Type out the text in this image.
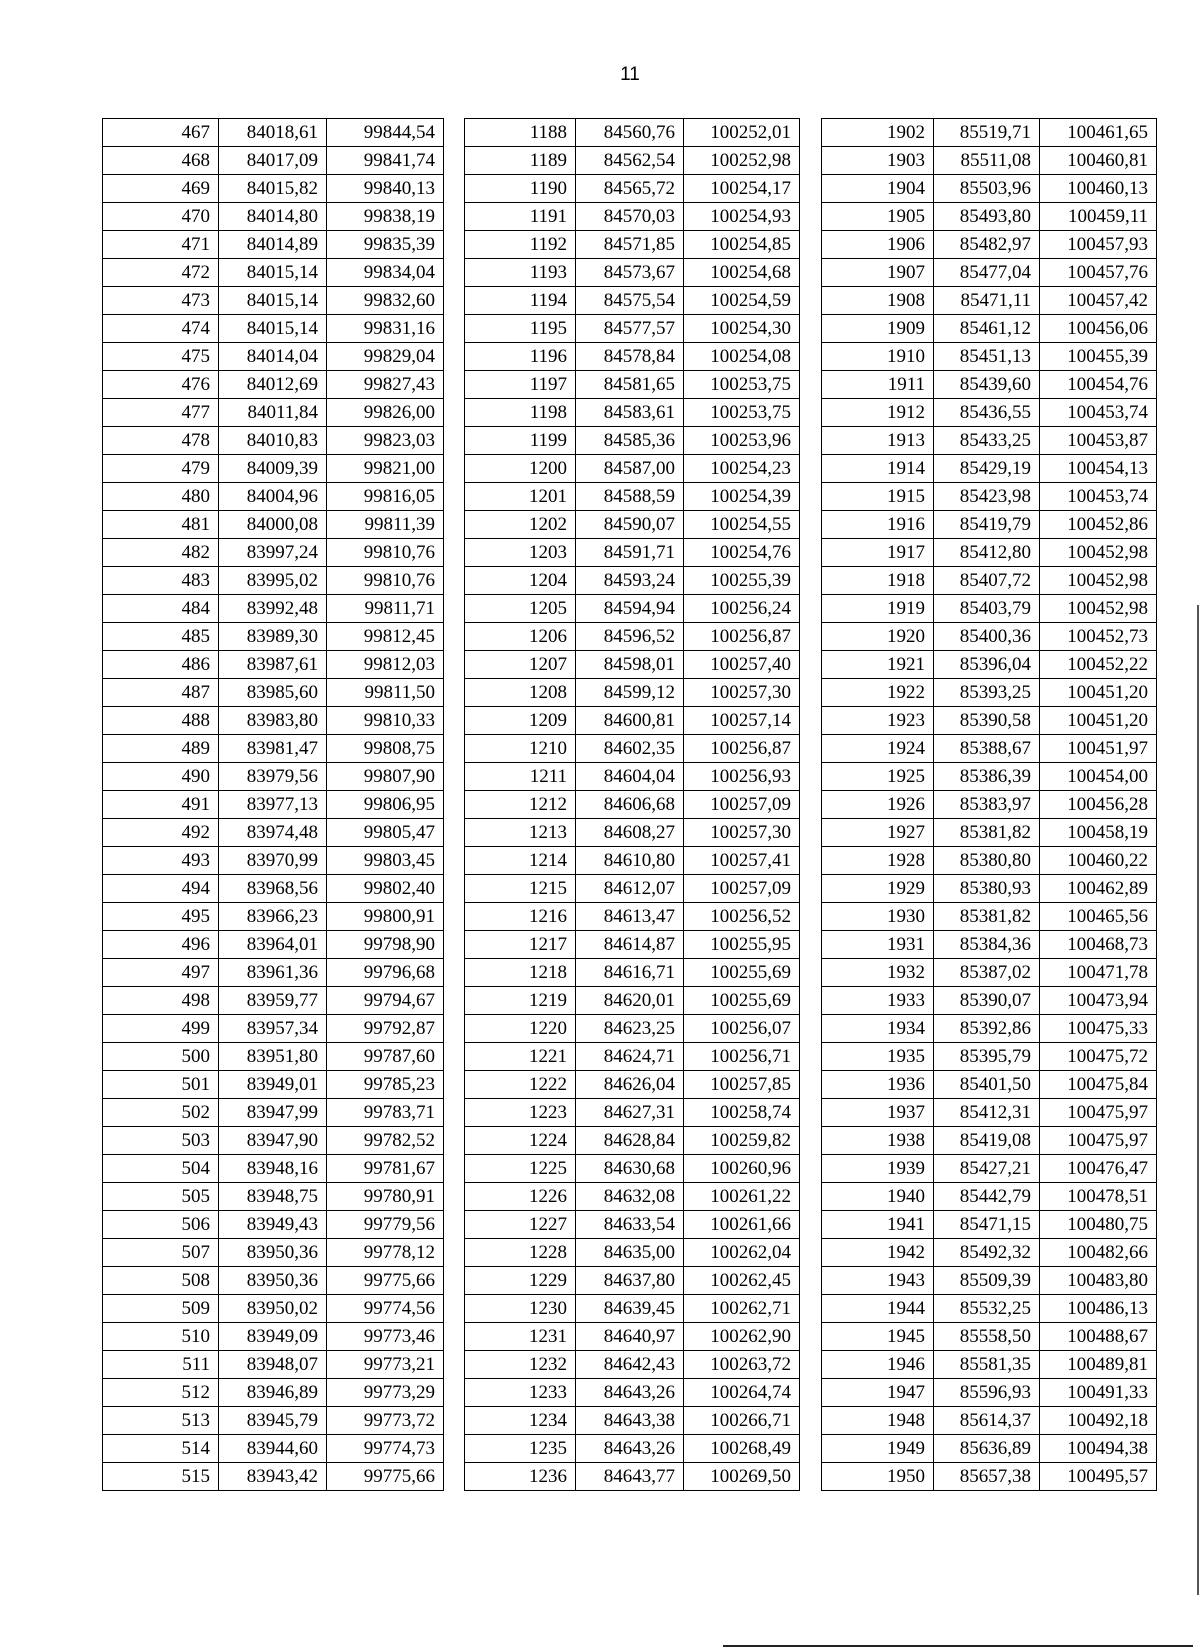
11
467	84018,61	99844,54
468	84017,09	99841,74
469	84015,82	99840,13
470	84014,80	99838,19
471	84014,89	99835,39
472	84015,14	99834,04
473	84015,14	99832,60
474	84015,14	99831,16
475	84014,04	99829,04
476	84012,69	99827,43
477	84011,84	99826,00
478	84010,83	99823,03
479	84009,39	99821,00
480	84004,96	99816,05
481	84000,08	99811,39
482	83997,24	99810,76
483	83995,02	99810,76
484	83992,48	99811,71
485	83989,30	99812,45
486	83987,61	99812,03
487	83985,60	99811,50
488	83983,80	99810,33
489	83981,47	99808,75
490	83979,56	99807,90
491	83977,13	99806,95
492	83974,48	99805,47
493	83970,99	99803,45
494	83968,56	99802,40
495	83966,23	99800,91
496	83964,01	99798,90
497	83961,36	99796,68
498	83959,77	99794,67
499	83957,34	99792,87
500	83951,80	99787,60
501	83949,01	99785,23
502	83947,99	99783,71
503	83947,90	99782,52
504	83948,16	99781,67
505	83948,75	99780,91
506	83949,43	99779,56
507	83950,36	99778,12
508	83950,36	99775,66
509	83950,02	99774,56
510	83949,09	99773,46
511	83948,07	99773,21
512	83946,89	99773,29
513	83945,79	99773,72
514	83944,60	99774,73
515	83943,42	99775,66
1188	84560,76	100252,01
1189	84562,54	100252,98
1190	84565,72	100254,17
1191	84570,03	100254,93
1192	84571,85	100254,85
1193	84573,67	100254,68
1194	84575,54	100254,59
1195	84577,57	100254,30
1196	84578,84	100254,08
1197	84581,65	100253,75
1198	84583,61	100253,75
1199	84585,36	100253,96
1200	84587,00	100254,23
1201	84588,59	100254,39
1202	84590,07	100254,55
1203	84591,71	100254,76
1204	84593,24	100255,39
1205	84594,94	100256,24
1206	84596,52	100256,87
1207	84598,01	100257,40
1208	84599,12	100257,30
1209	84600,81	100257,14
1210	84602,35	100256,87
1211	84604,04	100256,93
1212	84606,68	100257,09
1213	84608,27	100257,30
1214	84610,80	100257,41
1215	84612,07	100257,09
1216	84613,47	100256,52
1217	84614,87	100255,95
1218	84616,71	100255,69
1219	84620,01	100255,69
1220	84623,25	100256,07
1221	84624,71	100256,71
1222	84626,04	100257,85
1223	84627,31	100258,74
1224	84628,84	100259,82
1225	84630,68	100260,96
1226	84632,08	100261,22
1227	84633,54	100261,66
1228	84635,00	100262,04
1229	84637,80	100262,45
1230	84639,45	100262,71
1231	84640,97	100262,90
1232	84642,43	100263,72
1233	84643,26	100264,74
1234	84643,38	100266,71
1235	84643,26	100268,49
1236	84643,77	100269,50
1902	85519,71	100461,65
1903	85511,08	100460,81
1904	85503,96	100460,13
1905	85493,80	100459,11
1906	85482,97	100457,93
1907	85477,04	100457,76
1908	85471,11	100457,42
1909	85461,12	100456,06
1910	85451,13	100455,39
1911	85439,60	100454,76
1912	85436,55	100453,74
1913	85433,25	100453,87
1914	85429,19	100454,13
1915	85423,98	100453,74
1916	85419,79	100452,86
1917	85412,80	100452,98
1918	85407,72	100452,98
1919	85403,79	100452,98
1920	85400,36	100452,73
1921	85396,04	100452,22
1922	85393,25	100451,20
1923	85390,58	100451,20
1924	85388,67	100451,97
1925	85386,39	100454,00
1926	85383,97	100456,28
1927	85381,82	100458,19
1928	85380,80	100460,22
1929	85380,93	100462,89
1930	85381,82	100465,56
1931	85384,36	100468,73
1932	85387,02	100471,78
1933	85390,07	100473,94
1934	85392,86	100475,33
1935	85395,79	100475,72
1936	85401,50	100475,84
1937	85412,31	100475,97
1938	85419,08	100475,97
1939	85427,21	100476,47
1940	85442,79	100478,51
1941	85471,15	100480,75
1942	85492,32	100482,66
1943	85509,39	100483,80
1944	85532,25	100486,13
1945	85558,50	100488,67
1946	85581,35	100489,81
1947	85596,93	100491,33
1948	85614,37	100492,18
1949	85636,89	100494,38
1950	85657,38	100495,57
